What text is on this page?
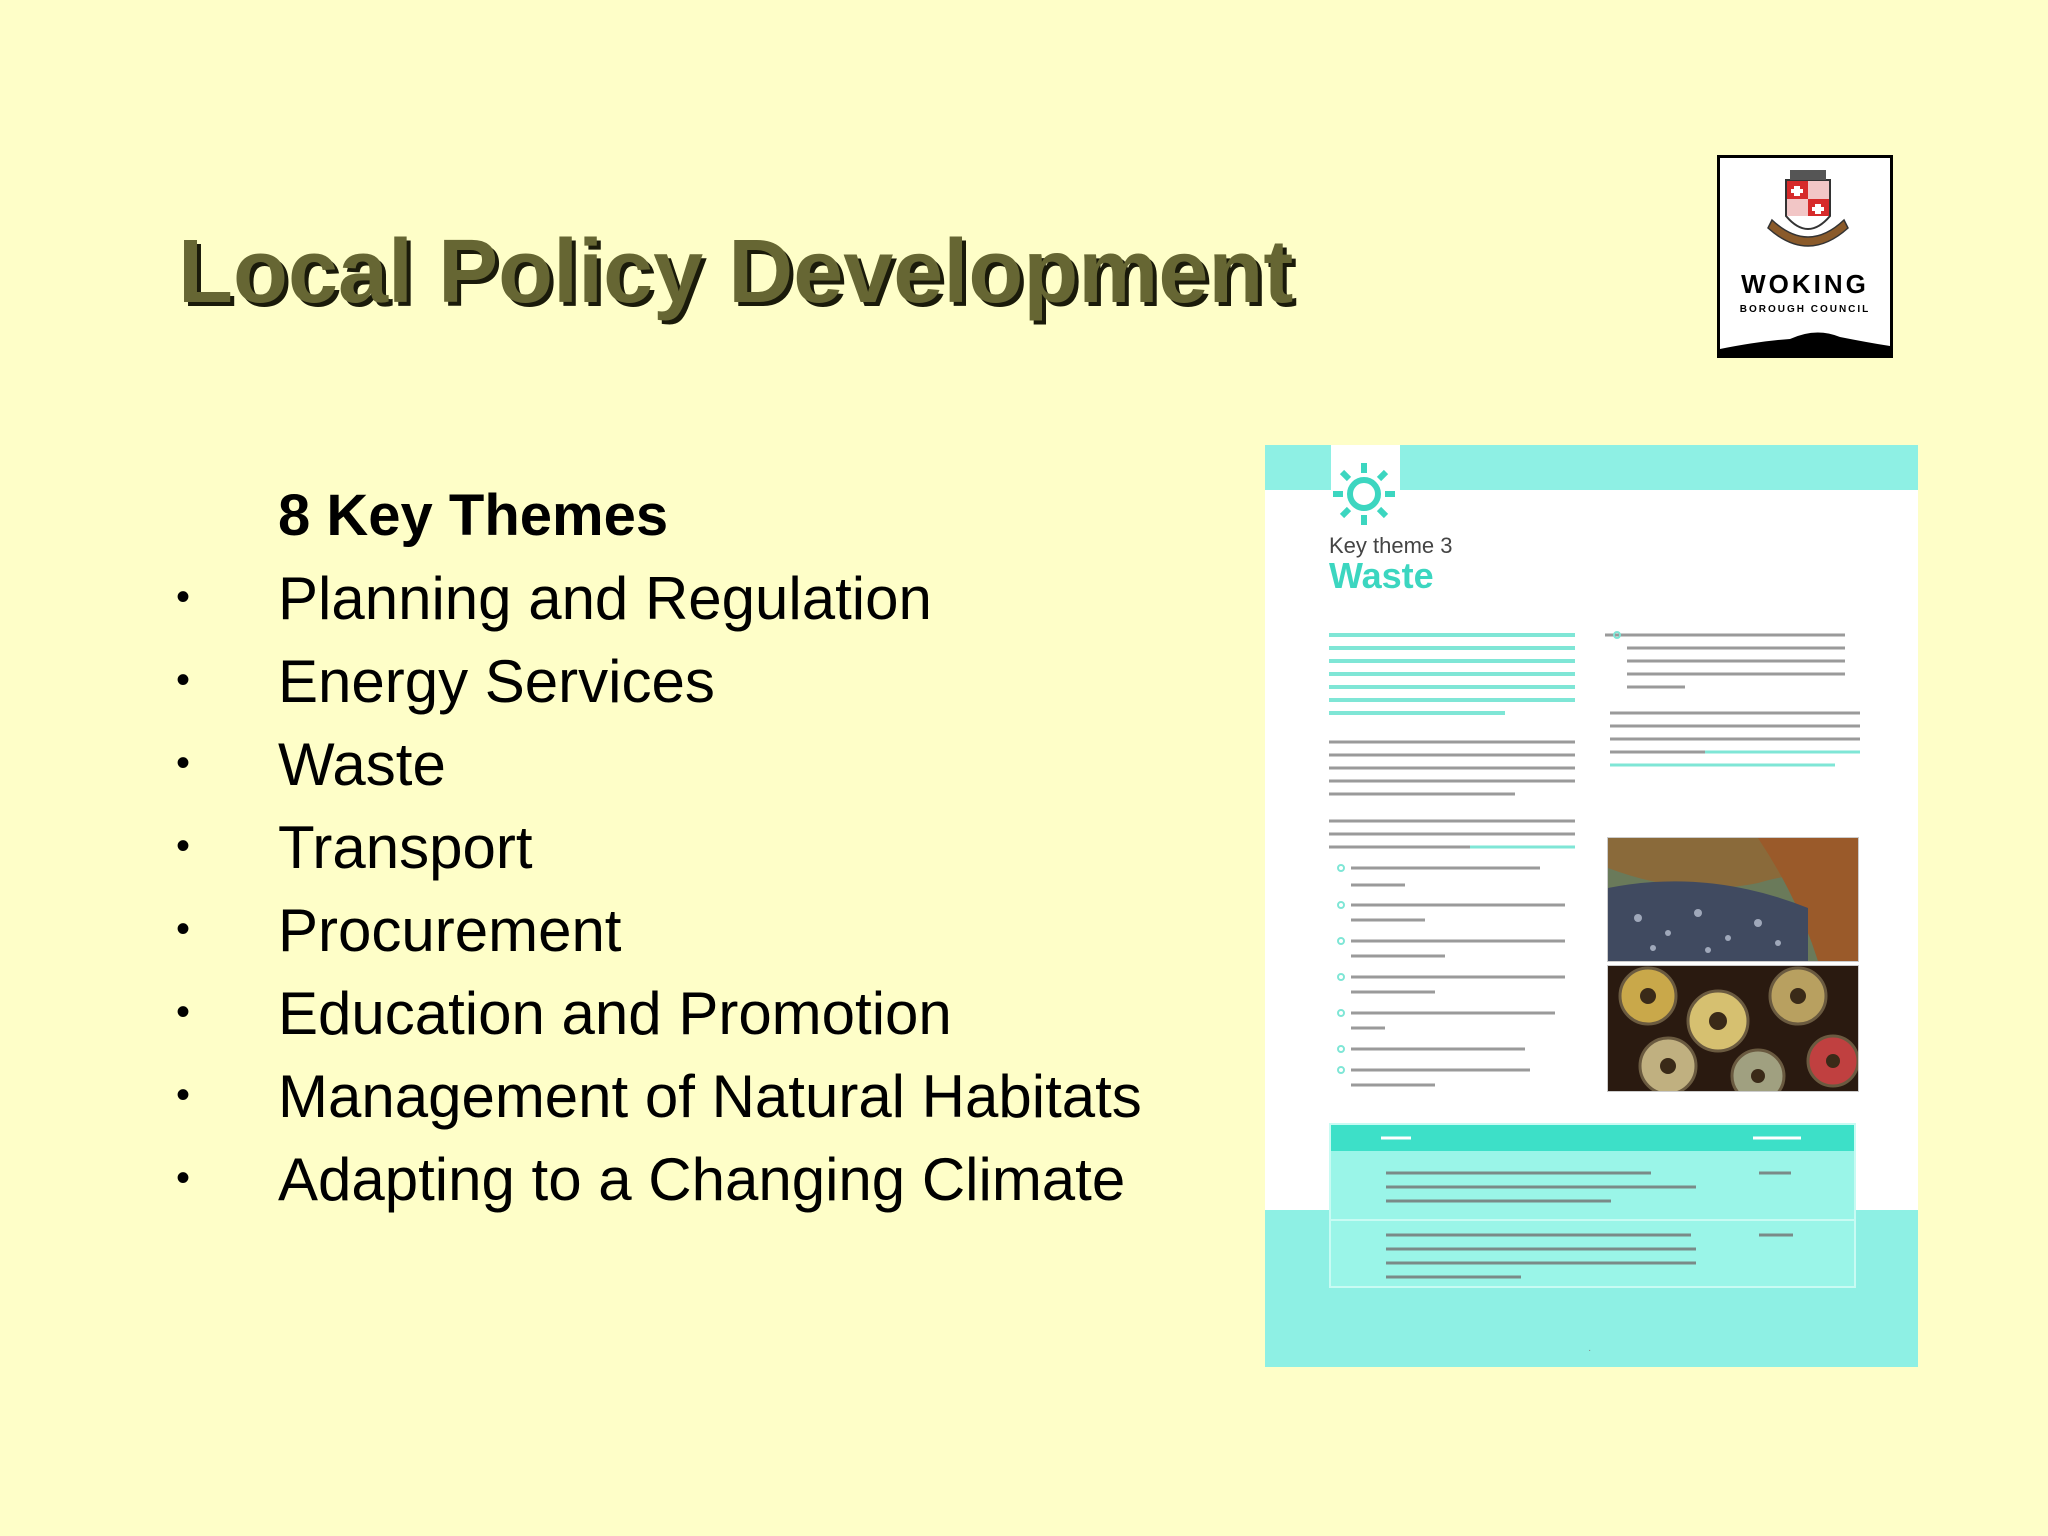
Local Policy Development	WOKING
BOROUGH COUNCIL
8 Key Themes
• Planning and Regulation
• Energy Services
• Waste
• Transport
• Procurement
• Education and Promotion
• Management of Natural Habitats
• Adapting to a Changing Climate
Key theme 3
Waste
·
